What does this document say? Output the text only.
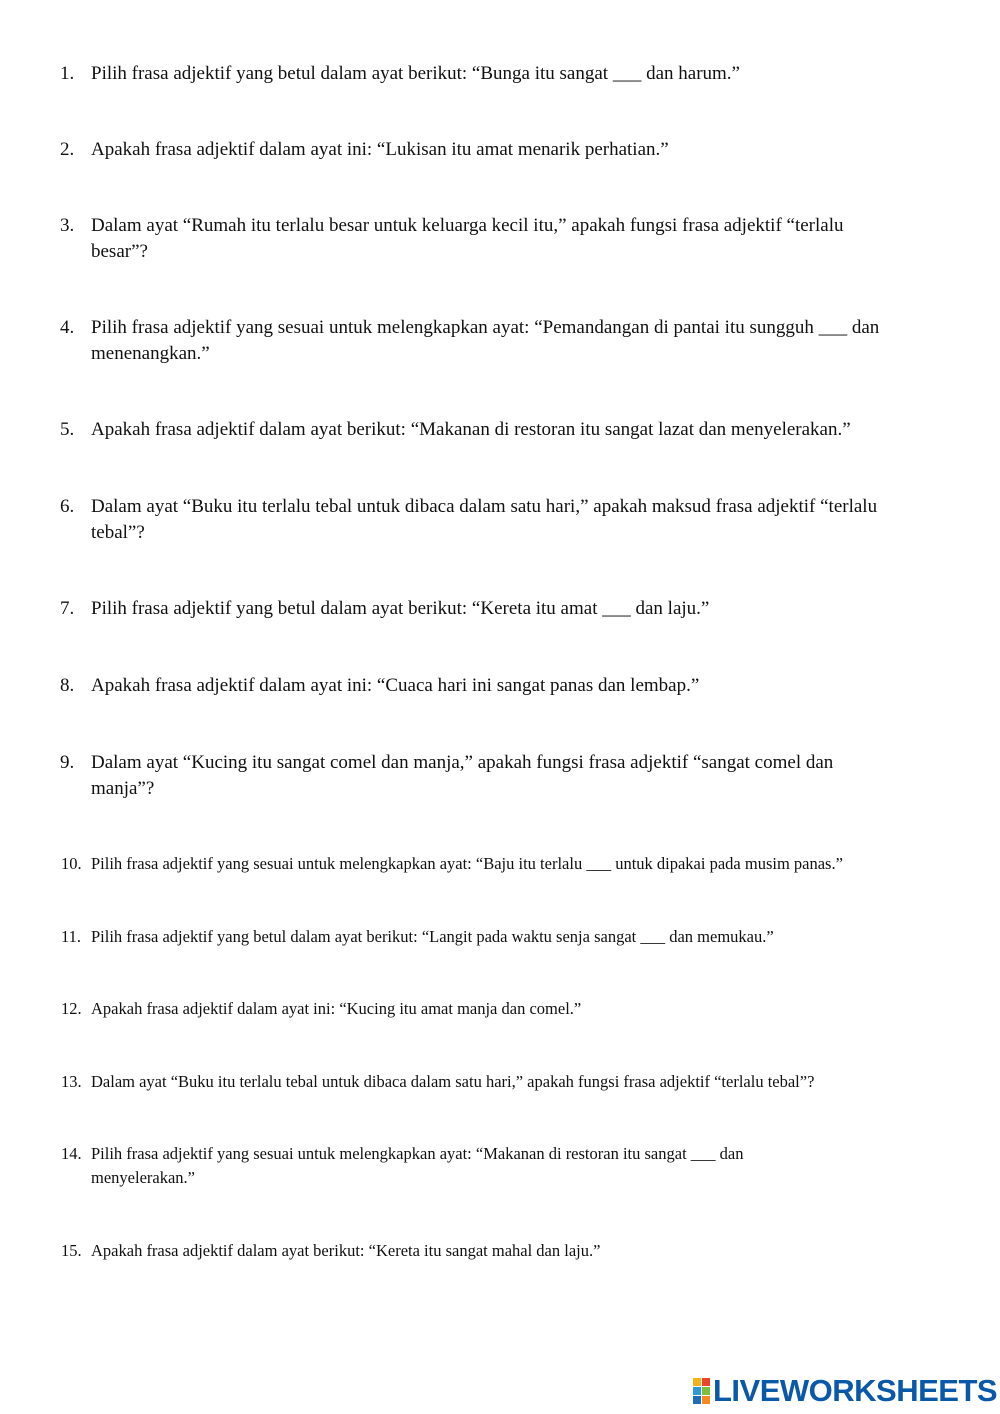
1. Pilih frasa adjektif yang betul dalam ayat berikut: “Bunga itu sangat ___ dan harum.”
2. Apakah frasa adjektif dalam ayat ini: “Lukisan itu amat menarik perhatian.”
3. Dalam ayat “Rumah itu terlalu besar untuk keluarga kecil itu,” apakah fungsi frasa adjektif “terlalu
besar”?
4. Pilih frasa adjektif yang sesuai untuk melengkapkan ayat: “Pemandangan di pantai itu sungguh ___ dan
menenangkan.”
5. Apakah frasa adjektif dalam ayat berikut: “Makanan di restoran itu sangat lazat dan menyelerakan.”
6. Dalam ayat “Buku itu terlalu tebal untuk dibaca dalam satu hari,” apakah maksud frasa adjektif “terlalu
tebal”?
7. Pilih frasa adjektif yang betul dalam ayat berikut: “Kereta itu amat ___ dan laju.”
8. Apakah frasa adjektif dalam ayat ini: “Cuaca hari ini sangat panas dan lembap.”
9. Dalam ayat “Kucing itu sangat comel dan manja,” apakah fungsi frasa adjektif “sangat comel dan
manja”?
10. Pilih frasa adjektif yang sesuai untuk melengkapkan ayat: “Baju itu terlalu ___ untuk dipakai pada musim panas.”
11. Pilih frasa adjektif yang betul dalam ayat berikut: “Langit pada waktu senja sangat ___ dan memukau.”
12. Apakah frasa adjektif dalam ayat ini: “Kucing itu amat manja dan comel.”
13. Dalam ayat “Buku itu terlalu tebal untuk dibaca dalam satu hari,” apakah fungsi frasa adjektif “terlalu tebal”?
14. Pilih frasa adjektif yang sesuai untuk melengkapkan ayat: “Makanan di restoran itu sangat ___ dan
menyelerakan.”
15. Apakah frasa adjektif dalam ayat berikut: “Kereta itu sangat mahal dan laju.”
LIVEWORKSHEETS
